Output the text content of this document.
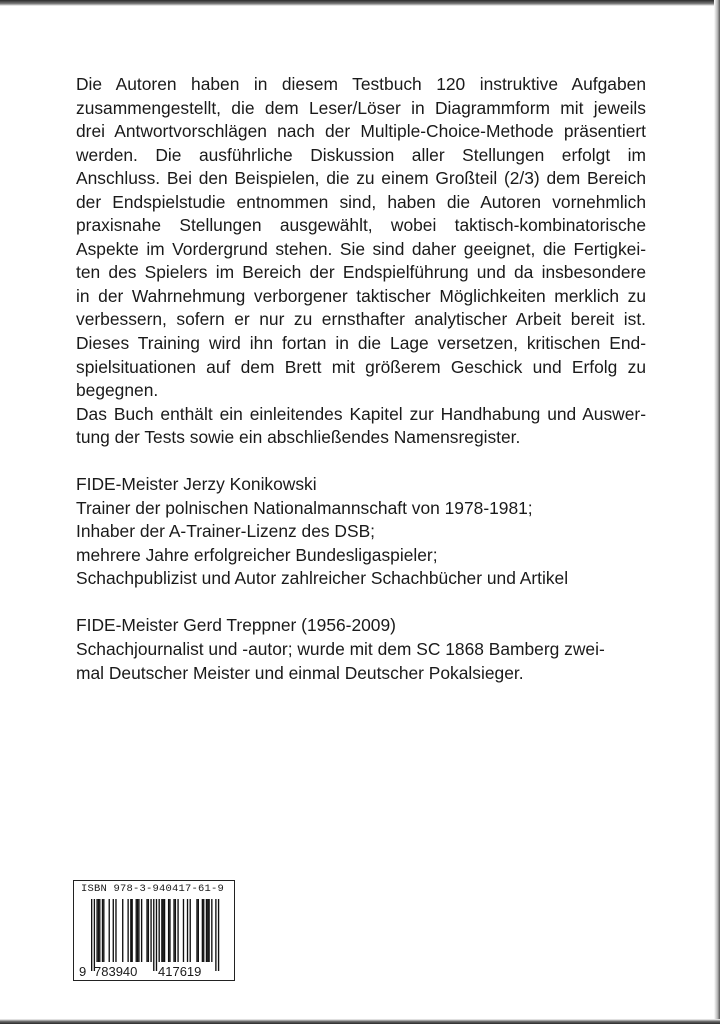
Die Autoren haben in diesem Testbuch 120 instruktive Aufgaben
zusammengestellt, die dem Leser/Löser in Diagrammform mit jeweils
drei Antwortvorschlägen nach der Multiple-Choice-Methode präsentiert
werden. Die ausführliche Diskussion aller Stellungen erfolgt im
Anschluss. Bei den Beispielen, die zu einem Großteil (2/3) dem Bereich
der Endspielstudie entnommen sind, haben die Autoren vornehmlich
praxisnahe Stellungen ausgewählt, wobei taktisch-kombinatorische
Aspekte im Vordergrund stehen. Sie sind daher geeignet, die Fertigkei-
ten des Spielers im Bereich der Endspielführung und da insbesondere
in der Wahrnehmung verborgener taktischer Möglichkeiten merklich zu
verbessern, sofern er nur zu ernsthafter analytischer Arbeit bereit ist.
Dieses Training wird ihn fortan in die Lage versetzen, kritischen End-
spielsituationen auf dem Brett mit größerem Geschick und Erfolg zu
begegnen.
Das Buch enthält ein einleitendes Kapitel zur Handhabung und Auswer-
tung der Tests sowie ein abschließendes Namensregister.

FIDE-Meister Jerzy Konikowski
Trainer der polnischen Nationalmannschaft von 1978-1981;
Inhaber der A-Trainer-Lizenz des DSB;
mehrere Jahre erfolgreicher Bundesligaspieler;
Schachpublizist und Autor zahlreicher Schachbücher und Artikel

FIDE-Meister Gerd Treppner (1956-2009)
Schachjournalist und -autor; wurde mit dem SC 1868 Bamberg zwei-
mal Deutscher Meister und einmal Deutscher Pokalsieger.

ISBN 978-3-940417-61-9
9 783940 417619
